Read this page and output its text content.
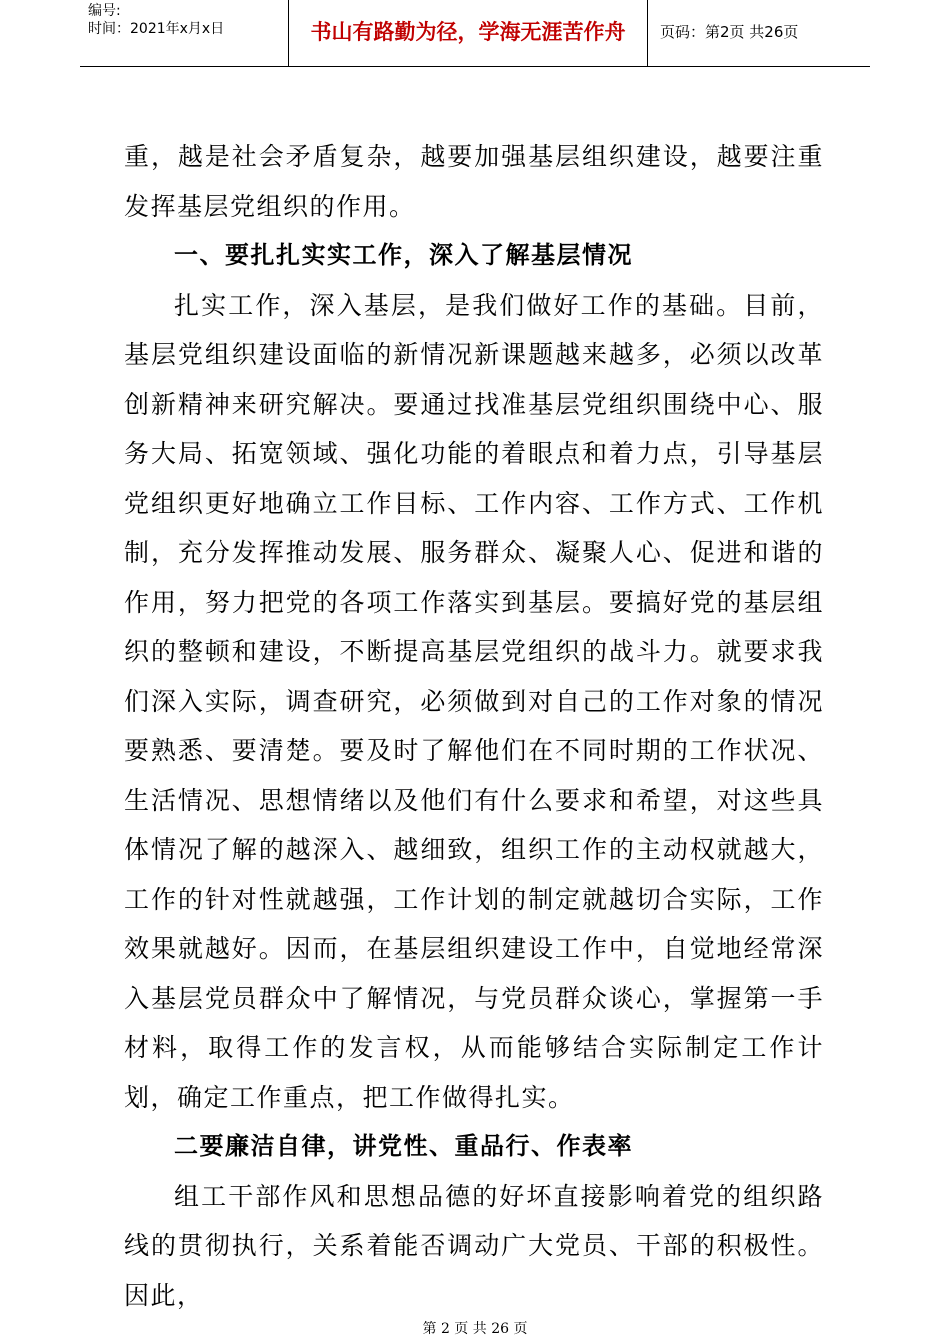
编号:
时间：2021年x月x日	书山有路勤为径，学海无涯苦作舟	页码：第2页 共26页

重，越是社会矛盾复杂，越要加强基层组织建设，越要注重发挥基层党组织的作用。

一、要扎扎实实工作，深入了解基层情况

扎实工作，深入基层，是我们做好工作的基础。目前，基层党组织建设面临的新情况新课题越来越多，必须以改革创新精神来研究解决。要通过找准基层党组织围绕中心、服务大局、拓宽领域、强化功能的着眼点和着力点，引导基层党组织更好地确立工作目标、工作内容、工作方式、工作机制，充分发挥推动发展、服务群众、凝聚人心、促进和谐的作用，努力把党的各项工作落实到基层。要搞好党的基层组织的整顿和建设，不断提高基层党组织的战斗力。就要求我们深入实际，调查研究，必须做到对自己的工作对象的情况要熟悉、要清楚。要及时了解他们在不同时期的工作状况、生活情况、思想情绪以及他们有什么要求和希望，对这些具体情况了解的越深入、越细致，组织工作的主动权就越大，工作的针对性就越强，工作计划的制定就越切合实际，工作效果就越好。因而，在基层组织建设工作中，自觉地经常深入基层党员群众中了解情况，与党员群众谈心，掌握第一手材料，取得工作的发言权，从而能够结合实际制定工作计划，确定工作重点，把工作做得扎实。

二要廉洁自律，讲党性、重品行、作表率

组工干部作风和思想品德的好坏直接影响着党的组织路线的贯彻执行，关系着能否调动广大党员、干部的积极性。因此，

第 2 页 共 26 页
